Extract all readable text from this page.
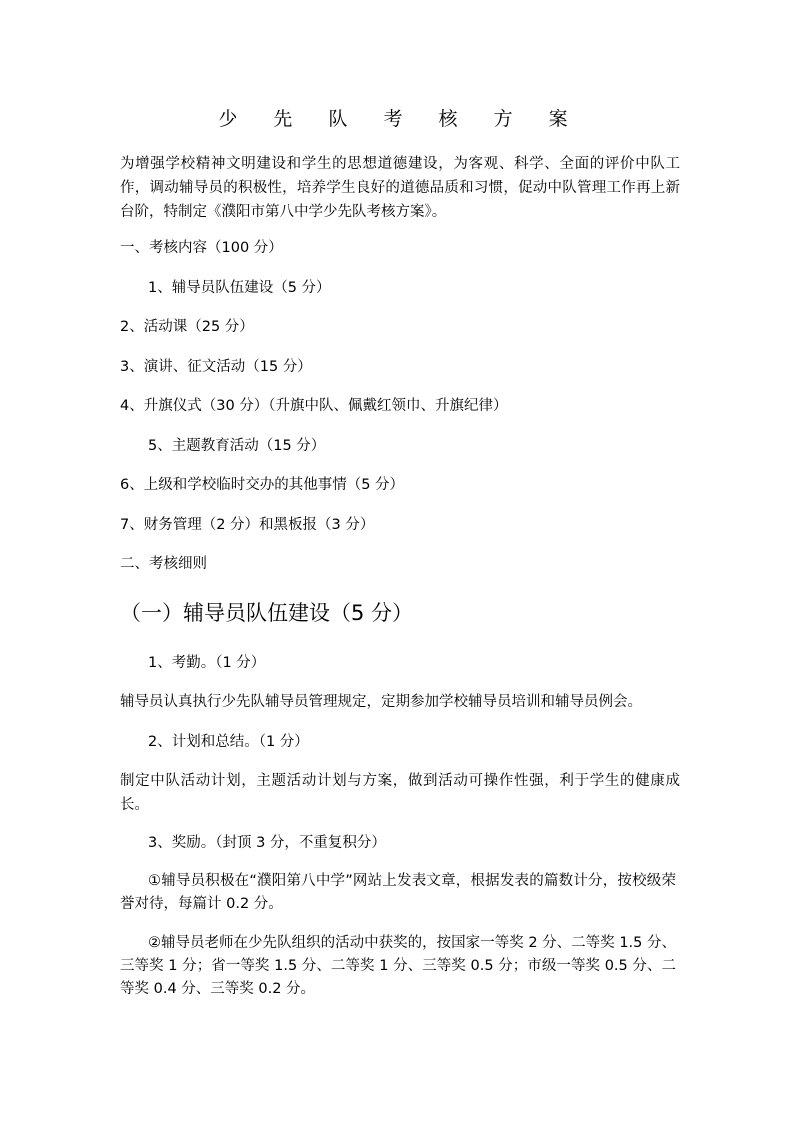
少 先 队 考 核 方 案
为增强学校精神文明建设和学生的思想道德建设，为客观、科学、全面的评价中队工作，调动辅导员的积极性，培养学生良好的道德品质和习惯，促动中队管理工作再上新台阶，特制定《濮阳市第八中学少先队考核方案》。
一、考核内容（100 分）
1、辅导员队伍建设（5 分）
2、活动课（25 分）
3、演讲、征文活动（15 分）
4、升旗仪式（30 分）（升旗中队、佩戴红领巾、升旗纪律）
5、主题教育活动（15 分）
6、上级和学校临时交办的其他事情（5 分）
7、财务管理（2 分）和黑板报（3 分）
二、考核细则
（一）辅导员队伍建设（5 分）
1、考勤。（1 分）
辅导员认真执行少先队辅导员管理规定，定期参加学校辅导员培训和辅导员例会。
2、计划和总结。（1 分）
制定中队活动计划，主题活动计划与方案，做到活动可操作性强，利于学生的健康成长。
3、奖励。（封顶 3 分，不重复积分）
①辅导员积极在“濮阳第八中学”网站上发表文章，根据发表的篇数计分，按校级荣誉对待，每篇计 0.2 分。
②辅导员老师在少先队组织的活动中获奖的，按国家一等奖 2 分、二等奖 1.5 分、三等奖 1 分；省一等奖 1.5 分、二等奖 1 分、三等奖 0.5 分；市级一等奖 0.5 分、二等奖 0.4 分、三等奖 0.2 分。
